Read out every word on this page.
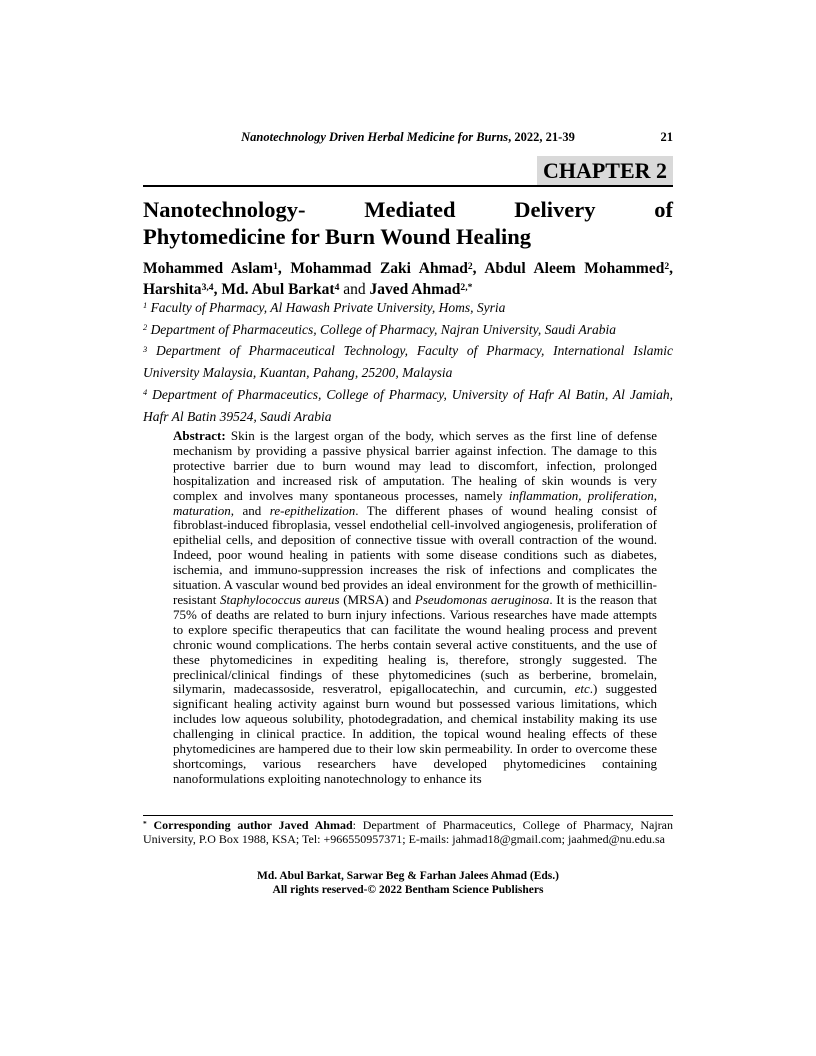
Nanotechnology Driven Herbal Medicine for Burns, 2022, 21-39	21
CHAPTER 2
Nanotechnology- Mediated Delivery of
Phytomedicine for Burn Wound Healing
Mohammed Aslam$^1$, Mohammad Zaki Ahmad$^2$, Abdul Aleem Mohammed$^2$,
Harshita$^{3,4}$, Md. Abul Barkat$^4$ and Javed Ahmad$^{2,*}$
$^1$ Faculty of Pharmacy, Al Hawash Private University, Homs, Syria
$^2$ Department of Pharmaceutics, College of Pharmacy, Najran University, Saudi Arabia
$^3$ Department of Pharmaceutical Technology, Faculty of Pharmacy, International Islamic University Malaysia, Kuantan, Pahang, 25200, Malaysia
$^4$ Department of Pharmaceutics, College of Pharmacy, University of Hafr Al Batin, Al Jamiah, Hafr Al Batin 39524, Saudi Arabia
Abstract: Skin is the largest organ of the body, which serves as the first line of defense mechanism by providing a passive physical barrier against infection. The damage to this protective barrier due to burn wound may lead to discomfort, infection, prolonged hospitalization and increased risk of amputation. The healing of skin wounds is very complex and involves many spontaneous processes, namely inflammation, proliferation, maturation, and re-epithelization. The different phases of wound healing consist of fibroblast-induced fibroplasia, vessel endothelial cell-involved angiogenesis, proliferation of epithelial cells, and deposition of connective tissue with overall contraction of the wound. Indeed, poor wound healing in patients with some disease conditions such as diabetes, ischemia, and immuno-suppression increases the risk of infections and complicates the situation. A vascular wound bed provides an ideal environment for the growth of methicillin-resistant Staphylococcus aureus (MRSA) and Pseudomonas aeruginosa. It is the reason that 75% of deaths are related to burn injury infections. Various researches have made attempts to explore specific therapeutics that can facilitate the wound healing process and prevent chronic wound complications. The herbs contain several active constituents, and the use of these phytomedicines in expediting healing is, therefore, strongly suggested. The preclinical/clinical findings of these phytomedicines (such as berberine, bromelain, silymarin, madecassoside, resveratrol, epigallocatechin, and curcumin, etc.) suggested significant healing activity against burn wound but possessed various limitations, which includes low aqueous solubility, photodegradation, and chemical instability making its use challenging in clinical practice. In addition, the topical wound healing effects of these phytomedicines are hampered due to their low skin permeability. In order to overcome these shortcomings, various researchers have developed phytomedicines containing nanoformulations exploiting nanotechnology to enhance its
* Corresponding author Javed Ahmad: Department of Pharmaceutics, College of Pharmacy, Najran University, P.O Box 1988, KSA; Tel: +966550957371; E-mails: jahmad18@gmail.com; jaahmed@nu.edu.sa
Md. Abul Barkat, Sarwar Beg & Farhan Jalees Ahmad (Eds.)
All rights reserved-© 2022 Bentham Science Publishers
